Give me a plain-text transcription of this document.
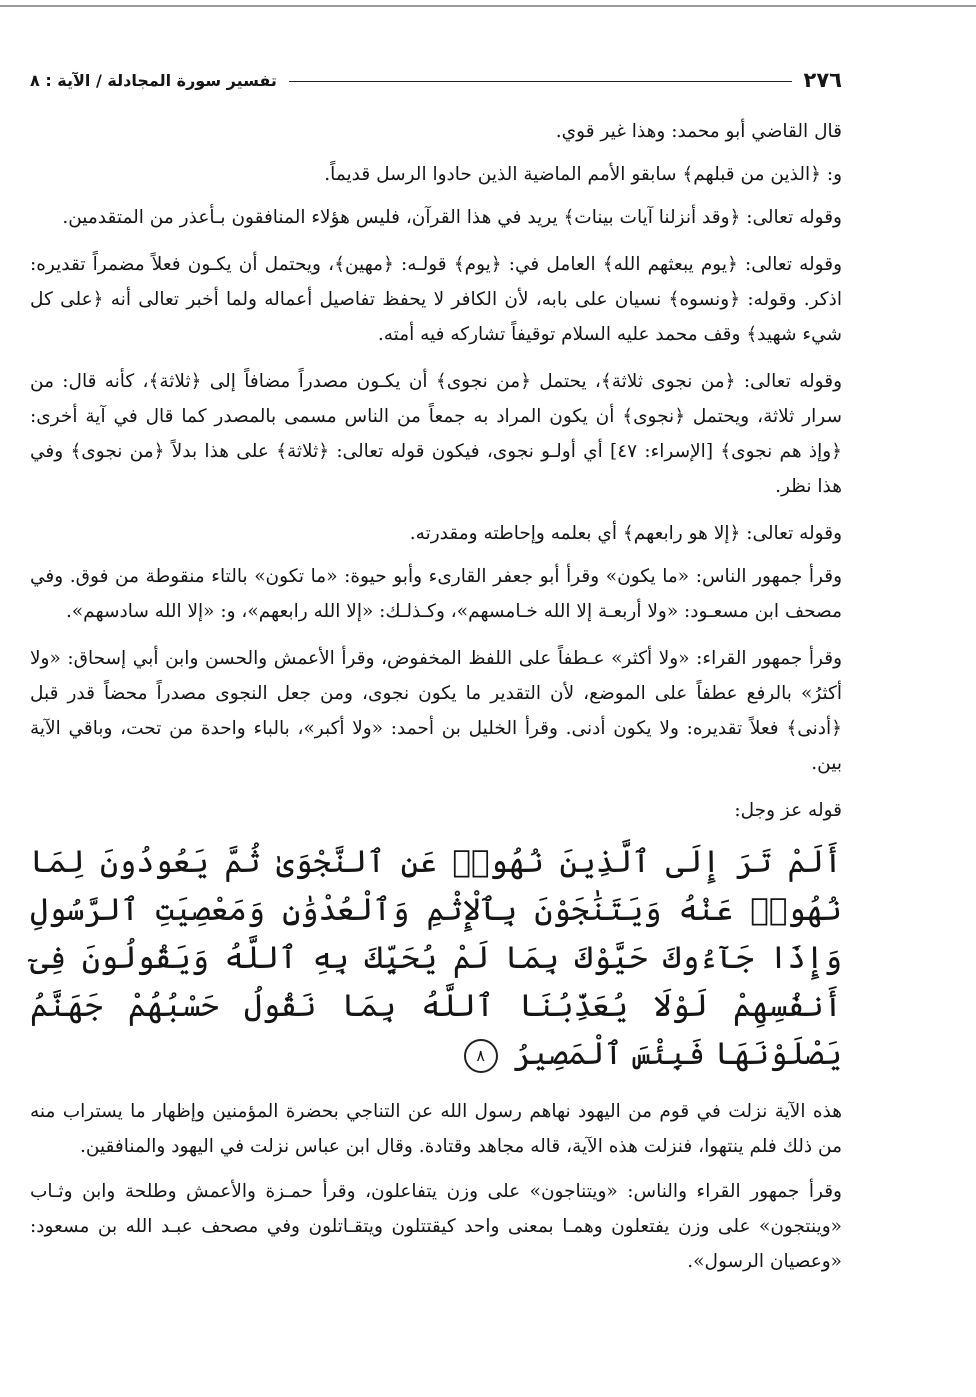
٢٧٦
تفسير سورة المجادلة / الآية : ٨

قال القاضي أبو محمد: وهذا غير قوي.

و: ﴿الذين من قبلهم﴾ سابقو الأمم الماضية الذين حادوا الرسل قديماً.

وقوله تعالى: ﴿وقد أنزلنا آيات بينات﴾ يريد في هذا القرآن، فليس هؤلاء المنافقون بـأعذر من المتقدمين.

وقوله تعالى: ﴿يوم يبعثهم الله﴾ العامل في: ﴿يوم﴾ قولـه: ﴿مهين﴾، ويحتمل أن يكـون فعلاً مضمراً تقديره: اذكر. وقوله: ﴿ونسوه﴾ نسيان على بابه، لأن الكافر لا يحفظ تفاصيل أعماله ولما أخبر تعالى أنه ﴿على كل شيء شهيد﴾ وقف محمد عليه السلام توقيفاً تشاركه فيه أمته.

وقوله تعالى: ﴿من نجوى ثلاثة﴾، يحتمل ﴿من نجوى﴾ أن يكـون مصدراً مضافاً إلى ﴿ثلاثة﴾، كأنه قال: من سرار ثلاثة، ويحتمل ﴿نجوى﴾ أن يكون المراد به جمعاً من الناس مسمى بالمصدر كما قال في آية أخرى: ﴿وإذ هم نجوى﴾ [الإسراء: ٤٧] أي أولـو نجوى، فيكون قوله تعالى: ﴿ثلاثة﴾ على هذا بدلاً ﴿من نجوى﴾ وفي هذا نظر.

وقوله تعالى: ﴿إلا هو رابعهم﴾ أي بعلمه وإحاطته ومقدرته.

وقرأ جمهور الناس: «ما يكون» وقرأ أبو جعفر القارىء وأبو حيوة: «ما تكون» بالتاء منقوطة من فوق. وفي مصحف ابن مسعـود: «ولا أربعـة إلا الله خـامسهم»، وكـذلـك: «إلا الله رابعهم»، و: «إلا الله سادسهم».

وقرأ جمهور القراء: «ولا أكثر» عـطفاً على اللفظ المخفوض، وقرأ الأعمش والحسن وابن أبي إسحاق: «ولا أكثرُ» بالرفع عطفاً على الموضع، لأن التقدير ما يكون نجوى، ومن جعل النجوى مصدراً محضاً قدر قبل ﴿أدنى﴾ فعلاً تقديره: ولا يكون أدنى. وقرأ الخليل بن أحمد: «ولا أكبر»، بالباء واحدة من تحت، وباقي الآية بين.

قوله عز وجل:

أَلَمْ تَرَ إِلَى ٱلَّذِينَ نُهُوا۟ عَنِ ٱلنَّجْوَىٰ ثُمَّ يَعُودُونَ لِمَا نُهُوا۟ عَنْهُ وَيَتَنَٰجَوْنَ بِٱلْإِثْمِ وَٱلْعُدْوَٰنِ وَمَعْصِيَتِ ٱلرَّسُولِ وَإِذَا جَآءُوكَ حَيَّوْكَ بِمَا لَمْ يُحَيِّكَ بِهِ ٱللَّهُ وَيَقُولُونَ فِىٓ أَنفُسِهِمْ لَوْلَا يُعَذِّبُنَا ٱللَّهُ بِمَا نَقُولُ حَسْبُهُمْ جَهَنَّمُ يَصْلَوْنَهَا فَبِئْسَ ٱلْمَصِيرُ ٨

هذه الآية نزلت في قوم من اليهود نهاهم رسول الله عن التناجي بحضرة المؤمنين وإظهار ما يستراب منه من ذلك فلم ينتهوا، فنزلت هذه الآية، قاله مجاهد وقتادة. وقال ابن عباس نزلت في اليهود والمنافقين.

وقرأ جمهور القراء والناس: «ويتناجون» على وزن يتفاعلون، وقرأ حمـزة والأعمش وطلحة وابن وثـاب «وينتجون» على وزن يفتعلون وهمـا بمعنى واحد كيقتتلون ويتقـاتلون وفي مصحف عبـد الله بن مسعود: «وعصيان الرسول».
